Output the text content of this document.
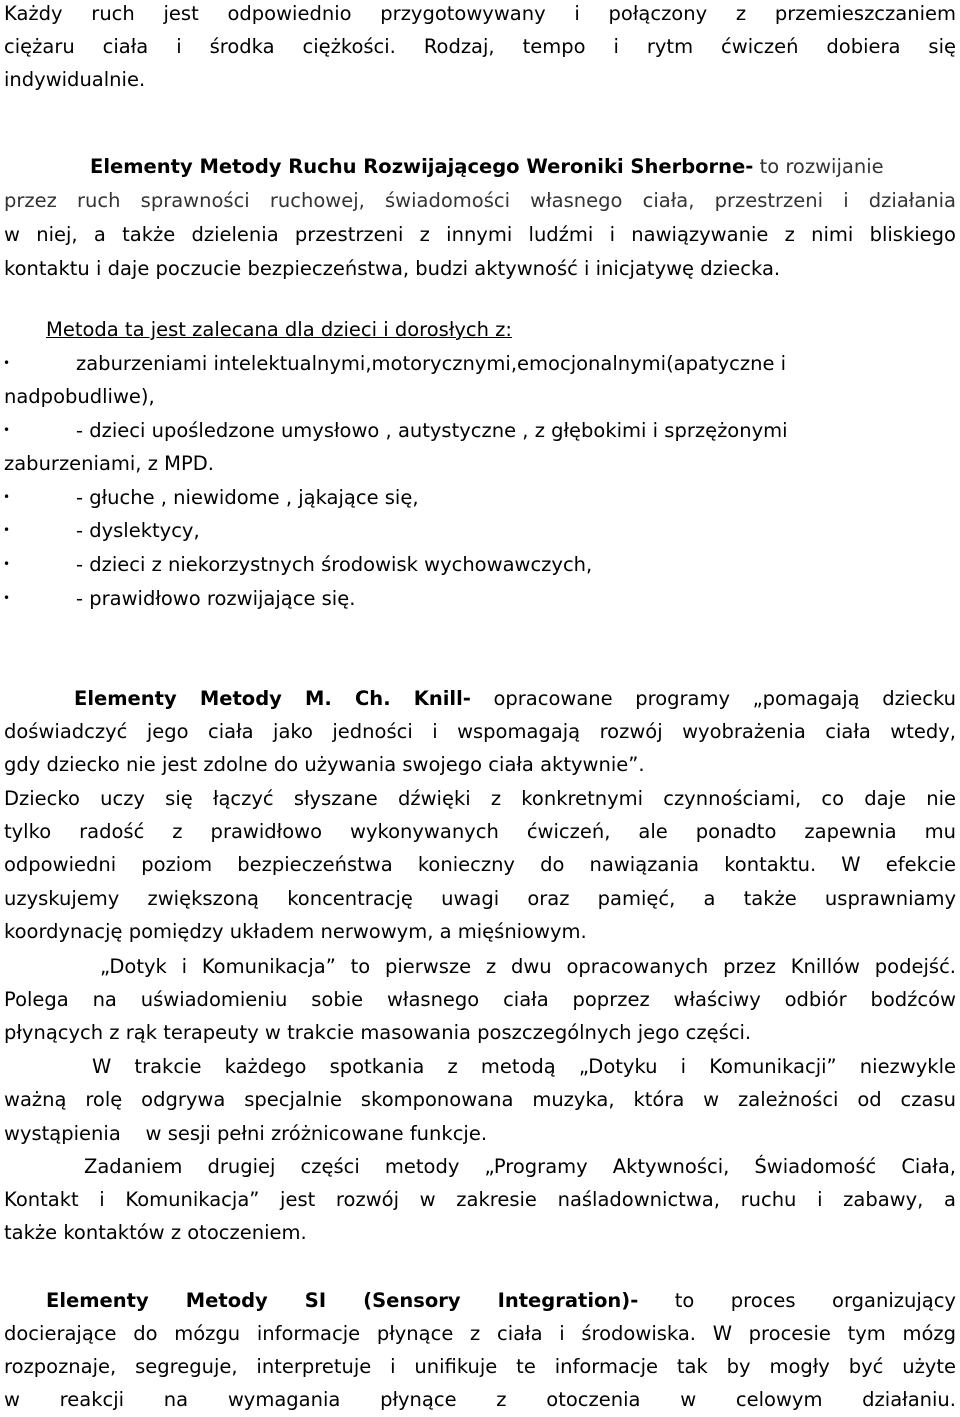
Każdy ruch jest odpowiednio przygotowywany i połączony z przemieszczaniem
ciężaru ciała i środka ciężkości. Rodzaj, tempo i rytm ćwiczeń dobiera się
indywidualnie.
Elementy Metody Ruchu Rozwijającego Weroniki Sherborne- to rozwijanie
przez ruch sprawności ruchowej, świadomości własnego ciała, przestrzeni i działania
w niej, a także dzielenia przestrzeni z innymi ludźmi i nawiązywanie z nimi bliskiego
kontaktu i daje poczucie bezpieczeństwa, budzi aktywność i inicjatywę dziecka.
Metoda ta jest zalecana dla dzieci i dorosłych z:
•	zaburzeniami intelektualnymi,motorycznymi,emocjonalnymi(apatyczne i
nadpobudliwe),
•	- dzieci upośledzone umysłowo , autystyczne , z głębokimi i sprzężonymi
zaburzeniami, z MPD.
•	- głuche , niewidome , jąkające się,
•	- dyslektycy,
•	- dzieci z niekorzystnych środowisk wychowawczych,
•	- prawidłowo rozwijające się.
Elementy Metody M. Ch. Knill- opracowane programy „pomagają dziecku
doświadczyć jego ciała jako jedności i wspomagają rozwój wyobrażenia ciała wtedy,
gdy dziecko nie jest zdolne do używania swojego ciała aktywnie”.
Dziecko uczy się łączyć słyszane dźwięki z konkretnymi czynnościami, co daje nie
tylko radość z prawidłowo wykonywanych ćwiczeń, ale ponadto zapewnia mu
odpowiedni poziom bezpieczeństwa konieczny do nawiązania kontaktu. W efekcie
uzyskujemy zwiększoną koncentrację uwagi oraz pamięć, a także usprawniamy
koordynację pomiędzy układem nerwowym, a mięśniowym.
„Dotyk i Komunikacja” to pierwsze z dwu opracowanych przez Knillów podejść.
Polega na uświadomieniu sobie własnego ciała poprzez właściwy odbiór bodźców
płynących z rąk terapeuty w trakcie masowania poszczególnych jego części.
W trakcie każdego spotkania z metodą „Dotyku i Komunikacji” niezwykle
ważną rolę odgrywa specjalnie skomponowana muzyka, która w zależności od czasu
wystąpienia    w sesji pełni zróżnicowane funkcje.
Zadaniem drugiej części metody „Programy Aktywności, Świadomość Ciała,
Kontakt i Komunikacja” jest rozwój w zakresie naśladownictwa, ruchu i zabawy, a
także kontaktów z otoczeniem.
Elementy Metody SI (Sensory Integration)- to proces organizujący
docierające do mózgu informacje płynące z ciała i środowiska. W procesie tym mózg
rozpoznaje, segreguje, interpretuje i unifikuje te informacje tak by mogły być użyte
w reakcji na wymagania płynące z otoczenia w celowym działaniu.
